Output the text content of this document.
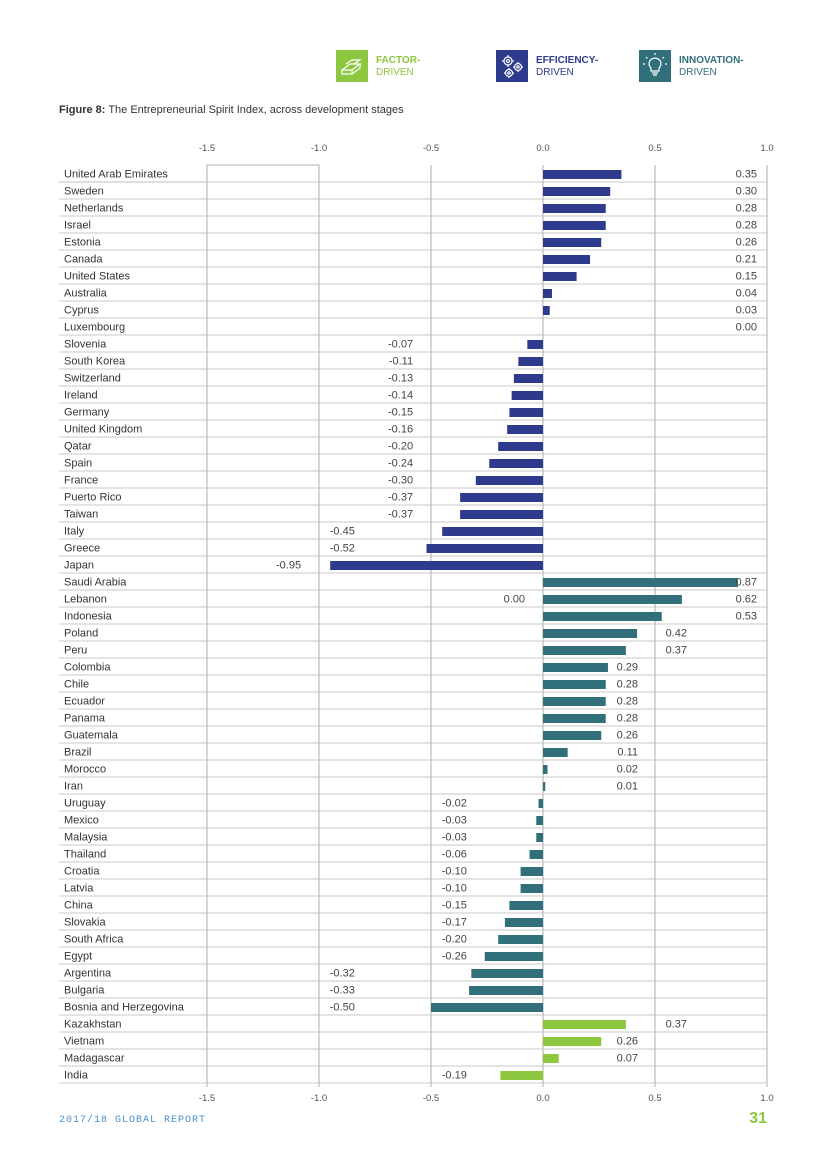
FACTOR-
DRIVEN
EFFICIENCY-
DRIVEN
INNOVATION-
DRIVEN
Figure 8: The Entrepreneurial Spirit Index, across development stages
United Arab Emirates	0.35
Sweden	0.30
Netherlands	0.28
Israel	0.28
Estonia	0.26
Canada	0.21
United States	0.15
Australia	0.04
Cyprus	0.03
Luxembourg	0.00
Slovenia	-0.07
South Korea	-0.11
Switzerland	-0.13
Ireland	-0.14
Germany	-0.15
United Kingdom	-0.16
Qatar	-0.20
Spain	-0.24
France	-0.30
Puerto Rico	-0.37
Taiwan	-0.37
Italy	-0.45
Greece	-0.52
Japan	-0.95
Saudi Arabia	0.87
Lebanon	0.62
0.00
Indonesia	0.53
Poland	0.42
Peru	0.37
Colombia	0.29
Chile	0.28
Ecuador	0.28
Panama	0.28
Guatemala	0.26
Brazil	0.11
Morocco	0.02
Iran	0.01
Uruguay	-0.02
Mexico	-0.03
Malaysia	-0.03
Thailand	-0.06
Croatia	-0.10
Latvia	-0.10
China	-0.15
Slovakia	-0.17
South Africa	-0.20
Egypt	-0.26
Argentina	-0.32
Bulgaria	-0.33
Bosnia and Herzegovina	-0.50
Kazakhstan	0.37
Vietnam	0.26
Madagascar	0.07
India	-0.19
-1.5
-1.5
-1.0
-1.0
-0.5
-0.5
0.0
0.0
0.5
0.5
1.0
1.0
2017/18 GLOBAL REPORT	31
